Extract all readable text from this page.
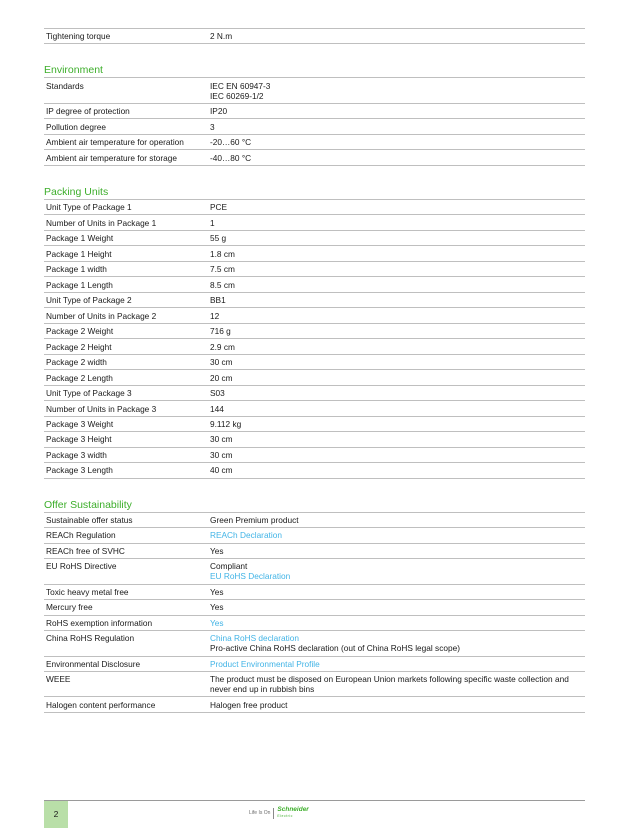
Tightening torque	2 N.m
Environment
Standards	IEC EN 60947-3
IEC 60269-1/2

IP degree of protection	IP20

Pollution degree	3

Ambient air temperature for operation	-20…60 °C

Ambient air temperature for storage	-40…80 °C
Packing Units
Unit Type of Package 1	PCE

Number of Units in Package 1	1

Package 1 Weight	55 g

Package 1 Height	1.8 cm

Package 1 width	7.5 cm

Package 1 Length	8.5 cm

Unit Type of Package 2	BB1

Number of Units in Package 2	12

Package 2 Weight	716 g

Package 2 Height	2.9 cm

Package 2 width	30 cm

Package 2 Length	20 cm

Unit Type of Package 3	S03

Number of Units in Package 3	144

Package 3 Weight	9.112 kg

Package 3 Height	30 cm

Package 3 width	30 cm

Package 3 Length	40 cm
Offer Sustainability
Sustainable offer status	Green Premium product

REACh Regulation	REACh Declaration

REACh free of SVHC	Yes

EU RoHS Directive	Compliant
EU RoHS Declaration

Toxic heavy metal free	Yes

Mercury free	Yes

RoHS exemption information	Yes

China RoHS Regulation	China RoHS declaration
Pro-active China RoHS declaration (out of China RoHS legal scope)

Environmental Disclosure	Product Environmental Profile

WEEE	The product must be disposed on European Union markets following specific waste collection and never end up in rubbish bins

Halogen content performance	Halogen free product
2	Life Is On Schneider
Electric
